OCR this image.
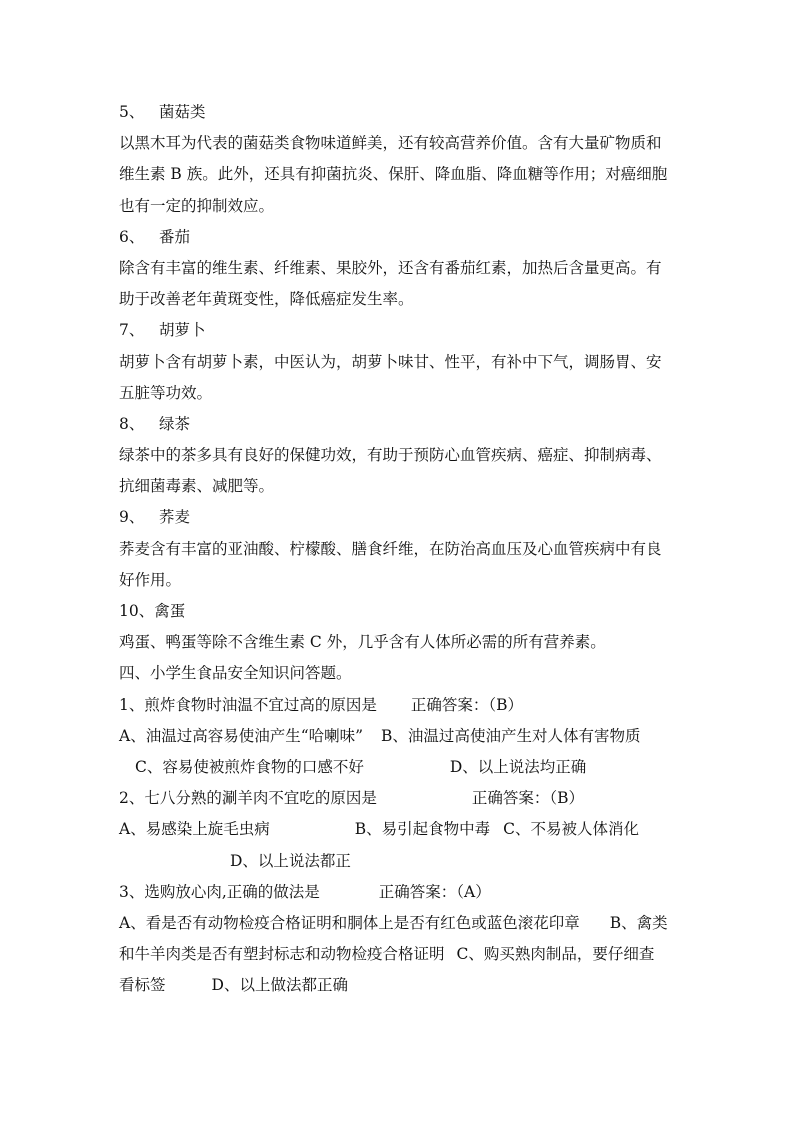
5、 菌菇类
以黑木耳为代表的菌菇类食物味道鲜美，还有较高营养价值。含有大量矿物质和
维生素 B 族。此外，还具有抑菌抗炎、保肝、降血脂、降血糖等作用；对癌细胞
也有一定的抑制效应。
6、 番茄
除含有丰富的维生素、纤维素、果胶外，还含有番茄红素，加热后含量更高。有
助于改善老年黄斑变性，降低癌症发生率。
7、 胡萝卜
胡萝卜含有胡萝卜素，中医认为，胡萝卜味甘、性平，有补中下气，调肠胃、安
五脏等功效。
8、 绿茶
绿茶中的茶多具有良好的保健功效，有助于预防心血管疾病、癌症、抑制病毒、
抗细菌毒素、减肥等。
9、 荞麦
荞麦含有丰富的亚油酸、柠檬酸、膳食纤维，在防治高血压及心血管疾病中有良
好作用。
10、禽蛋
鸡蛋、鸭蛋等除不含维生素 C 外，几乎含有人体所必需的所有营养素。
四、小学生食品安全知识问答题。
1、煎炸食物时油温不宜过高的原因是 正确答案：（B）
A、油温过高容易使油产生“哈喇味” B、油温过高使油产生对人体有害物质
C、容易使被煎炸食物的口感不好	D、以上说法均正确
2、七八分熟的涮羊肉不宜吃的原因是	正确答案：（B）
A、易感染上旋毛虫病	B、易引起食物中毒 C、不易被人体消化
D、以上说法都正
3、选购放心肉,正确的做法是	正确答案：（A）
A、看是否有动物检疫合格证明和胴体上是否有红色或蓝色滚花印章 B、禽类
和牛羊肉类是否有塑封标志和动物检疫合格证明 C、购买熟肉制品，要仔细查
看标签	D、以上做法都正确
